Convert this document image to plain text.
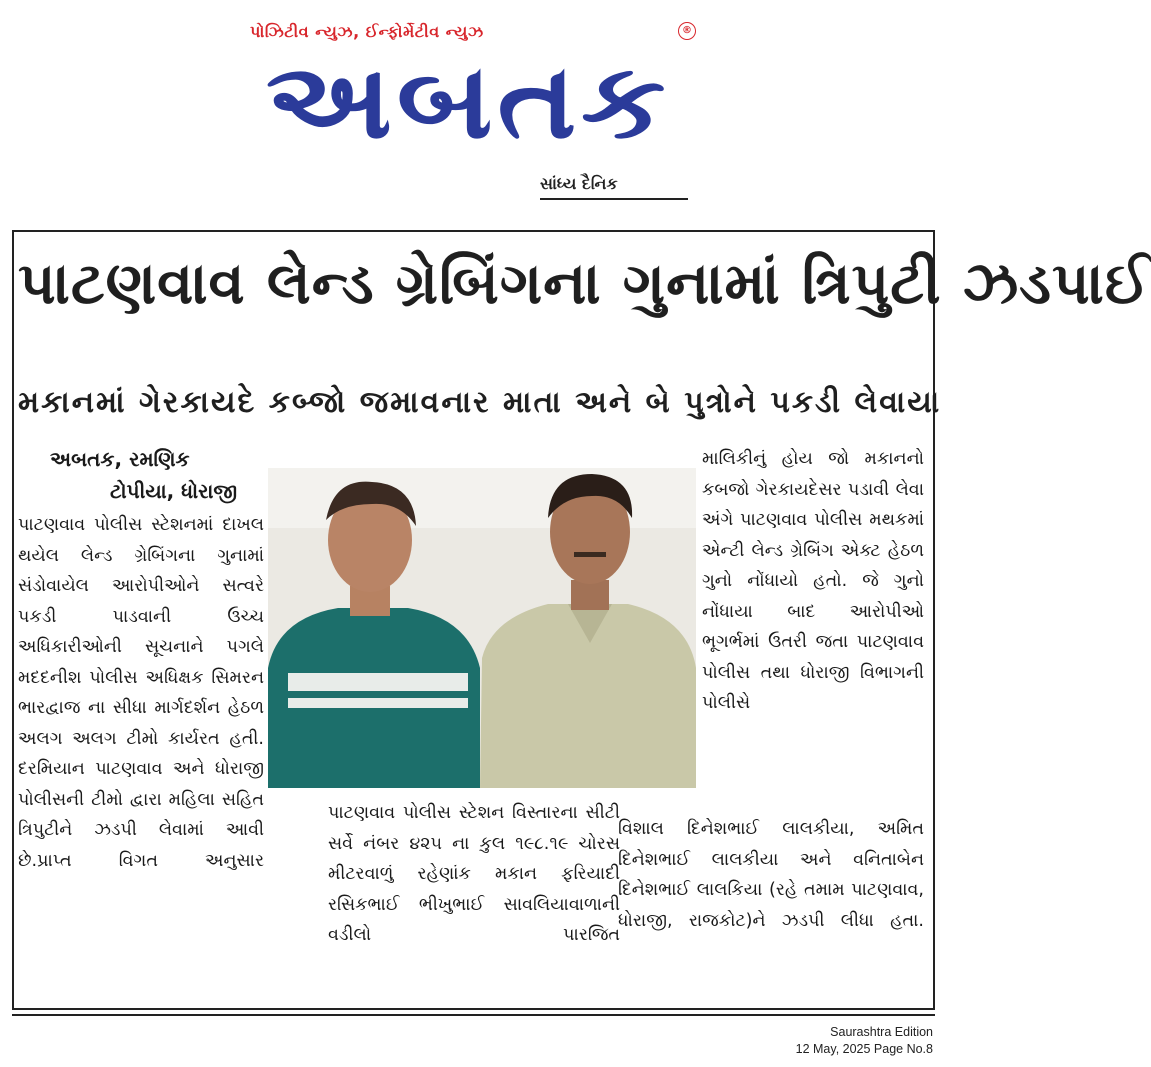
પોઝિટીવ ન્યુઝ, ઈન્ફોર્મેટીવ ન્યુઝ	®
અબતક
સાંધ્ય દૈનિક
પાટણવાવ લેન્ડ ગ્રેબિંગના ગુનામાં ત્રિપુટી ઝડપાઈ
મકાનમાં ગેરકાયદે કબ્જો જમાવનાર માતા અને બે પુત્રોને પકડી લેવાયા
અબતક, રમણિક
ટોપીયા, ધોરાજી

પાટણવાવ પોલીસ સ્ટેશનમાં દાખલ થયેલ લેન્ડ ગ્રેબિંગના ગુનામાં સંડોવાયેલ આરોપીઓને સત્વરે પકડી પાડવાની ઉચ્ચ અધિકારીઓની સૂચનાને પગલે મદદનીશ પોલીસ અધિક્ષક સિમરન ભારદ્વાજ ના સીધા માર્ગદર્શન હેઠળ અલગ અલગ ટીમો કાર્યરત હતી. દરમિયાન પાટણવાવ અને ધોરાજી પોલીસની ટીમો દ્વારા મહિલા સહિત ત્રિપુટીને ઝડપી લેવામાં આવી છે.પ્રાપ્ત વિગત અનુસાર

પાટણવાવ પોલીસ સ્ટેશન વિસ્તારના સીટી સર્વે નંબર ૪૨૫ ના કુલ ૧૯૮.૧૯ ચોરસ મીટરવાળું રહેણાંક મકાન ફરિયાદી રસિકભાઈ ભીખુભાઈ સાવલિયાવાળાની વડીલો પારજિત

માલિકીનું હોય જો મકાનનો કબજો ગેરકાયદેસર પડાવી લેવા અંગે પાટણવાવ પોલીસ મથકમાં એન્ટી લેન્ડ ગ્રેબિંગ એક્ટ હેઠળ ગુનો નોંધાયો હતો. જે ગુનો નોંધાયા બાદ આરોપીઓ ભૂગર્ભમાં ઉતરી જતા પાટણવાવ પોલીસ તથા ધોરાજી વિભાગની પોલીસે

વિશાલ દિનેશભાઈ લાલકીયા, અમિત દિનેશભાઈ લાલકીયા અને વનિતાબેન દિનેશભાઈ લાલકિયા (રહે તમામ પાટણવાવ, ધોરાજી, રાજકોટ)ને ઝડપી લીધા હતા.

Saurashtra Edition
12 May, 2025 Page No.8
